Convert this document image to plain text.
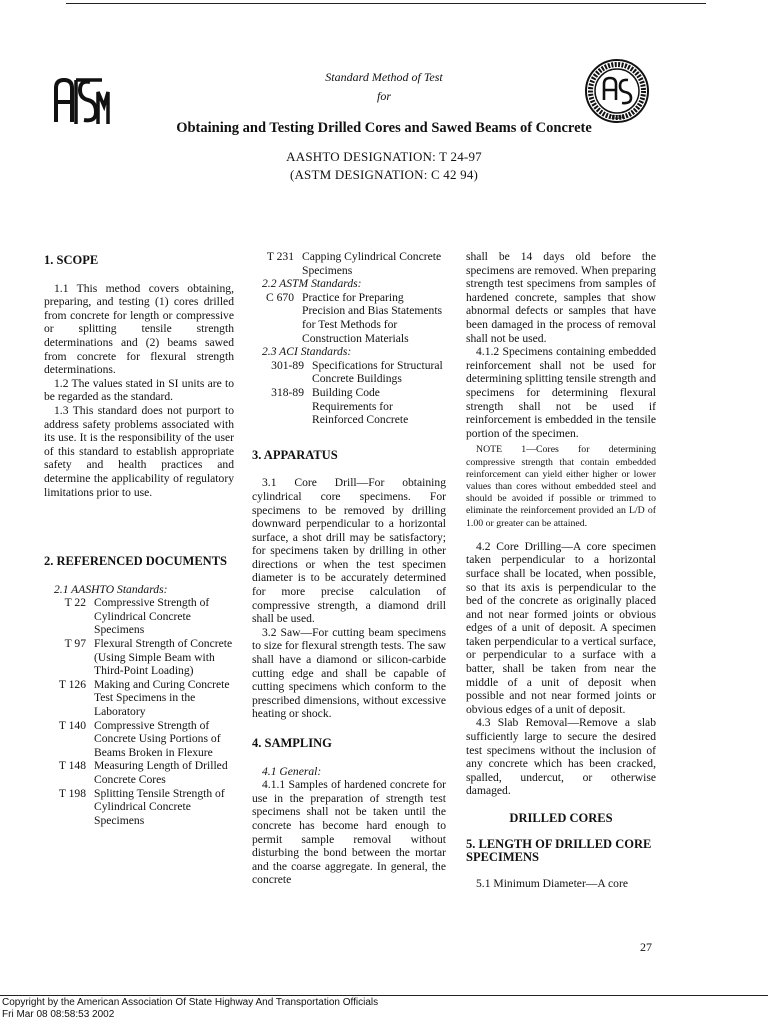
1914
Standard Method of Test
for
Obtaining and Testing Drilled Cores and Sawed Beams of Concrete
AASHTO DESIGNATION: T 24-97
(ASTM DESIGNATION: C 42 94)
1. SCOPE

1.1 This method covers obtaining, preparing, and testing (1) cores drilled from concrete for length or compressive or splitting tensile strength determinations and (2) beams sawed from concrete for flexural strength determinations.

1.2 The values stated in SI units are to be regarded as the standard.

1.3 This standard does not purport to address safety problems associated with its use. It is the responsibility of the user of this standard to establish appropriate safety and health practices and determine the applicability of regulatory limitations prior to use.

2. REFERENCED DOCUMENTS
2.1 AASHTO Standards:
T 22 Compressive Strength of Cylindrical Concrete Specimens
T 97 Flexural Strength of Concrete (Using Simple Beam with Third-Point Loading)
T 126 Making and Curing Concrete Test Specimens in the Laboratory
T 140 Compressive Strength of Concrete Using Portions of Beams Broken in Flexure
T 148 Measuring Length of Drilled Concrete Cores
T 198 Splitting Tensile Strength of Cylindrical Concrete Specimens
T 231 Capping Cylindrical Concrete Specimens
2.2 ASTM Standards:
C 670 Practice for Preparing Precision and Bias Statements for Test Methods for Construction Materials
2.3 ACI Standards:
301-89 Specifications for Structural Concrete Buildings
318-89 Building Code Requirements for Reinforced Concrete
3. APPARATUS

3.1 Core Drill—For obtaining cylindrical core specimens. For specimens to be removed by drilling downward perpendicular to a horizontal surface, a shot drill may be satisfactory; for specimens taken by drilling in other directions or when the test specimen diameter is to be accurately determined for more precise calculation of compressive strength, a diamond drill shall be used.

3.2 Saw—For cutting beam specimens to size for flexural strength tests. The saw shall have a diamond or silicon-carbide cutting edge and shall be capable of cutting specimens which conform to the prescribed dimensions, without excessive heating or shock.

4. SAMPLING

4.1 General:

4.1.1 Samples of hardened concrete for use in the preparation of strength test specimens shall not be taken until the concrete has become hard enough to permit sample removal without disturbing the bond between the mortar and the coarse aggregate. In general, the concrete

shall be 14 days old before the specimens are removed. When preparing strength test specimens from samples of hardened concrete, samples that show abnormal defects or samples that have been damaged in the process of removal shall not be used.

4.1.2 Specimens containing embedded reinforcement shall not be used for determining splitting tensile strength and specimens for determining flexural strength shall not be used if reinforcement is embedded in the tensile portion of the specimen.

NOTE 1—Cores for determining compressive strength that contain embedded reinforcement can yield either higher or lower values than cores without embedded steel and should be avoided if possible or trimmed to eliminate the reinforcement provided an L/D of 1.00 or greater can be attained.

4.2 Core Drilling—A core specimen taken perpendicular to a horizontal surface shall be located, when possible, so that its axis is perpendicular to the bed of the concrete as originally placed and not near formed joints or obvious edges of a unit of deposit. A specimen taken perpendicular to a vertical surface, or perpendicular to a surface with a batter, shall be taken from near the middle of a unit of deposit when possible and not near formed joints or obvious edges of a unit of deposit.

4.3 Slab Removal—Remove a slab sufficiently large to secure the desired test specimens without the inclusion of any concrete which has been cracked, spalled, undercut, or otherwise damaged.

DRILLED CORES
5. LENGTH OF DRILLED CORE SPECIMENS

5.1 Minimum Diameter—A core

27
Copyright by the American Association Of State Highway And Transportation Officials
Fri Mar 08 08:58:53 2002
